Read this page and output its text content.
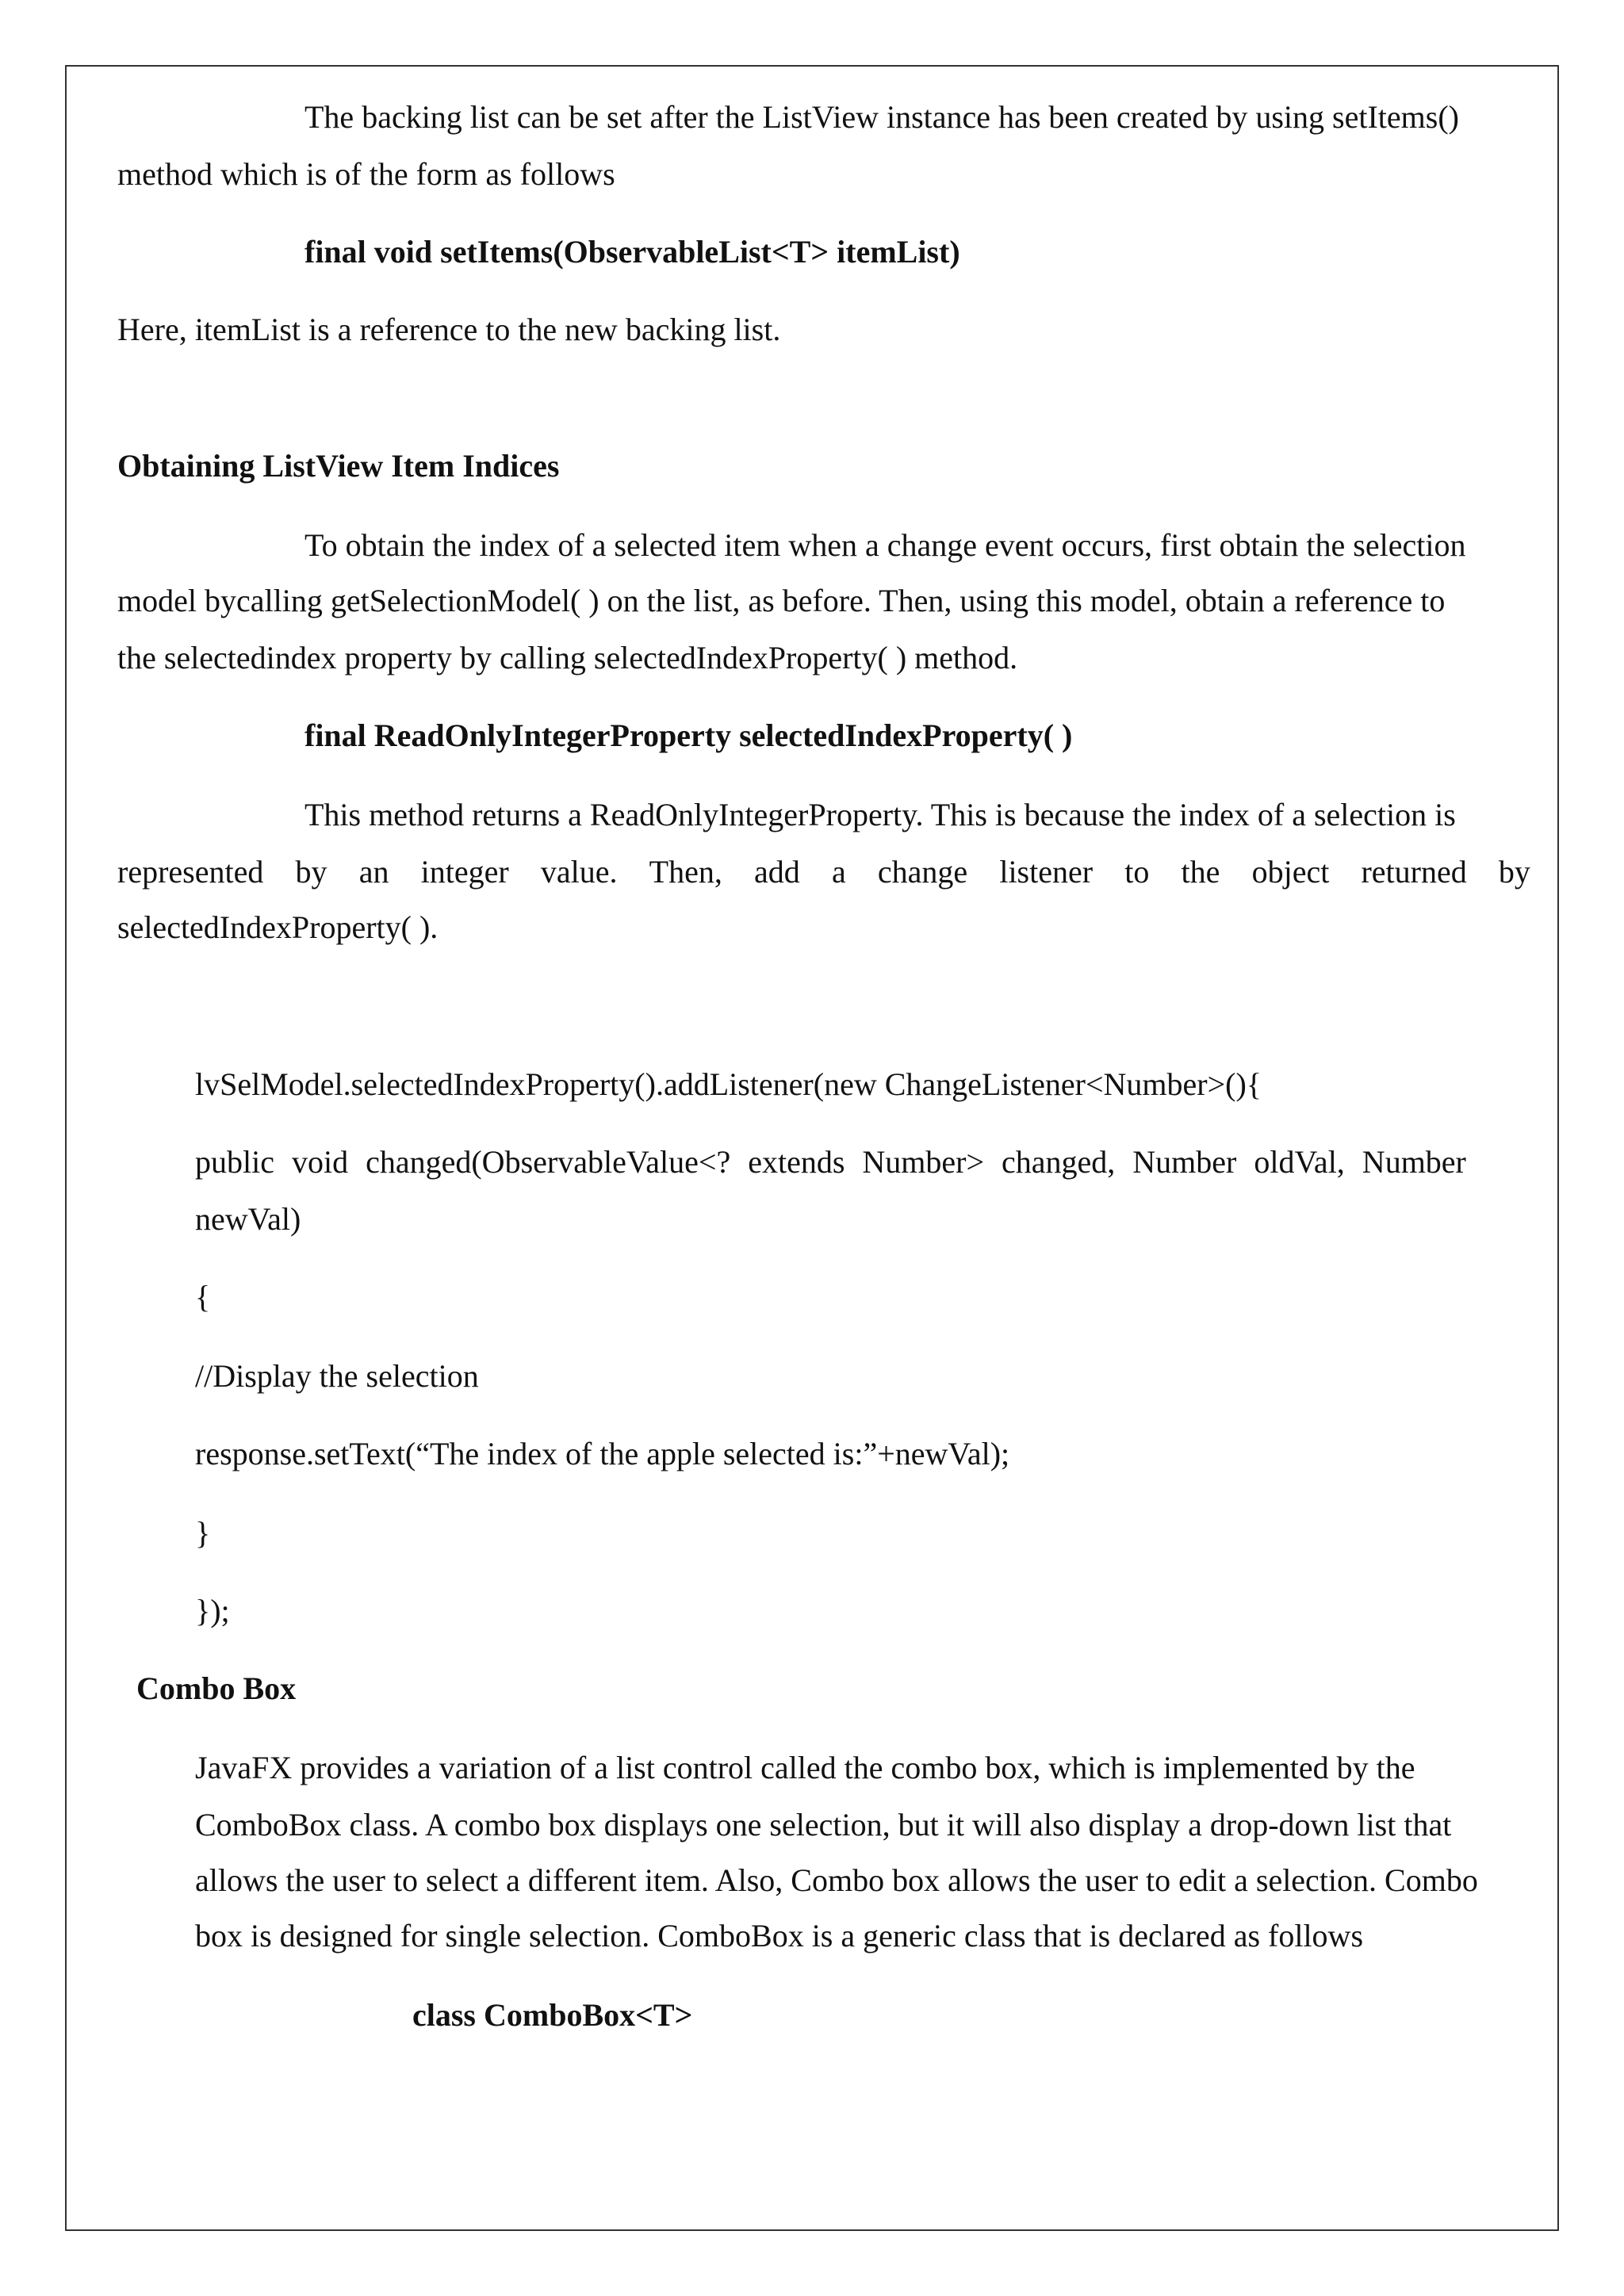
The backing list can be set after the ListView instance has been created by using setItems()
method which is of the form as follows
final void setItems(ObservableList<T> itemList)
Here, itemList is a reference to the new backing list.
Obtaining ListView Item Indices
To obtain the index of a selected item when a change event occurs, first obtain the selection
model bycalling getSelectionModel( ) on the list, as before. Then, using this model, obtain a reference to
the selectedindex property by calling selectedIndexProperty( ) method.
final ReadOnlyIntegerProperty selectedIndexProperty( )
This method returns a ReadOnlyIntegerProperty. This is because the index of a selection is
represented by an integer value. Then, add a change listener to the object returned by
selectedIndexProperty( ).
lvSelModel.selectedIndexProperty().addListener(new ChangeListener<Number>(){
public void changed(ObservableValue<? extends Number> changed, Number oldVal, Number
newVal)
{
//Display the selection
response.setText(“The index of the apple selected is:”+newVal);
}
});
Combo Box
JavaFX provides a variation of a list control called the combo box, which is implemented by the
ComboBox class. A combo box displays one selection, but it will also display a drop-down list that
allows the user to select a different item. Also, Combo box allows the user to edit a selection. Combo
box is designed for single selection. ComboBox is a generic class that is declared as follows
class ComboBox<T>
